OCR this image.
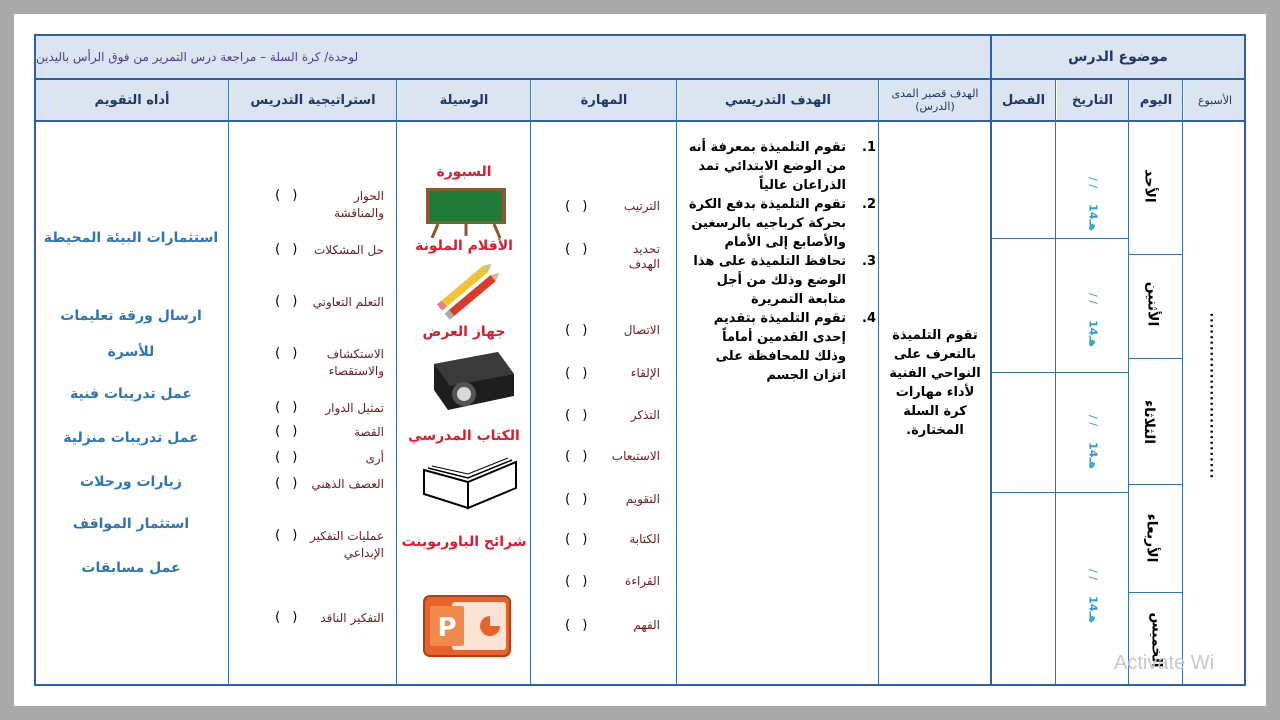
موضوع الدرس
لوحدة/ كرة السلة – مراجعة درس التمرير من فوق الرأس باليدين
الأسبوع
اليوم
التاريخ
الفصل
الهدف قصير المدى (الدرس)
الهدف التدريسي
المهارة
الوسيلة
استراتيجية التدريس
أداه التقويم
..............................
الأحد
الأثنين
الثلاثاء
الأربعاء
الخميس
/ /
14هـ
/ /
14هـ
/ /
14هـ
/ /
14هـ
تقوم التلميذة بالتعرف على النواحي الفنية لأداء مهارات كرة السلة المختارة.
1.
تقوم التلميذة بمعرفة أنه من الوضع الابتدائي تمد الذراعان عالياً
2.
تقوم التلميذة بدفع الكرة بحركة كرباجيه بالرسغين والأصابع إلى الأمام
3.
تحافظ التلميذة على هذا الوضع وذلك من أجل متابعة التمريرة
4.
تقوم التلميذة بتقديم إحدى القدمين أماماً وذلك للمحافظة على اتزان الجسم
الترتيب
( )
تحديد الهدف
( )
الاتصال
( )
الإلقاء
( )
التذكر
( )
الاستيعاب
( )
التقويم
( )
الكتابة
( )
القراءة
( )
الفهم
( )
السبورة
الأقلام الملونة
جهاز العرض
الكتاب المدرسي
شرائح الباوربوينت
P
الحوار والمناقشة
( )
حل المشكلات
( )
التعلم التعاوني
( )
الاستكشاف والاستقصاء
( )
تمثيل الدوار
( )
القصة
( )
أرى
( )
العصف الذهني
( )
عمليات التفكير الإبداعي
( )
التفكير الناقد
( )
استثمارات البيئة المحيطة
ارسال ورقة تعليمات للأسرة
عمل تدريبات فنية
عمل تدريبات منزلية
زيارات ورحلات
استثمار المواقف
عمل مسابقات
Activate Wi
